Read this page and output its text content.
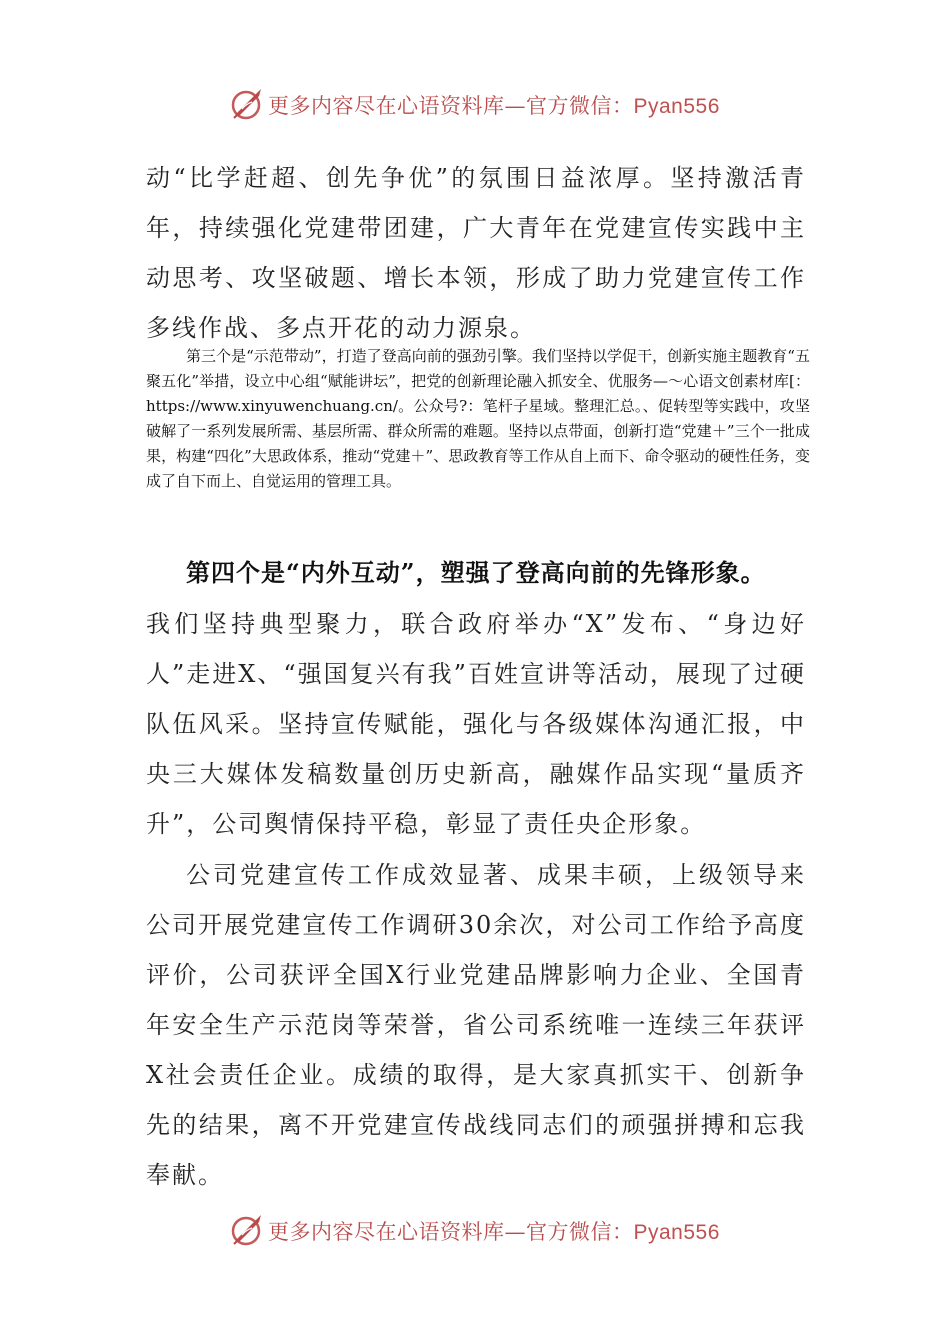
更多内容尽在心语资料库—官方微信：Pyan556
动“比学赶超、创先争优”的氛围日益浓厚。坚持激活青年，持续强化党建带团建，广大青年在党建宣传实践中主动思考、攻坚破题、增长本领，形成了助力党建宣传工作多线作战、多点开花的动力源泉。
第三个是“示范带动”，打造了登高向前的强劲引擎。我们坚持以学促干，创新实施主题教育“五聚五化”举措，设立中心组“赋能讲坛”，把党的创新理论融入抓安全、优服务—～心语文创素材库[：https://www.xinyuwenchuang.cn/。公众号?：笔杆子星域。整理汇总。、促转型等实践中，攻坚破解了一系列发展所需、基层所需、群众所需的难题。坚持以点带面，创新打造“党建＋”三个一批成果，构建“四化”大思政体系，推动“党建＋”、思政教育等工作从自上而下、命令驱动的硬性任务，变成了自下而上、自觉运用的管理工具。
第四个是“内外互动”，塑强了登高向前的先锋形象。
我们坚持典型聚力，联合政府举办“X”发布、“身边好人”走进X、“强国复兴有我”百姓宣讲等活动，展现了过硬队伍风采。坚持宣传赋能，强化与各级媒体沟通汇报，中央三大媒体发稿数量创历史新高，融媒作品实现“量质齐升”，公司舆情保持平稳，彰显了责任央企形象。
公司党建宣传工作成效显著、成果丰硕，上级领导来公司开展党建宣传工作调研30余次，对公司工作给予高度评价，公司获评全国X行业党建品牌影响力企业、全国青年安全生产示范岗等荣誉，省公司系统唯一连续三年获评X社会责任企业。成绩的取得，是大家真抓实干、创新争先的结果，离不开党建宣传战线同志们的顽强拼搏和忘我奉献。
更多内容尽在心语资料库—官方微信：Pyan556
